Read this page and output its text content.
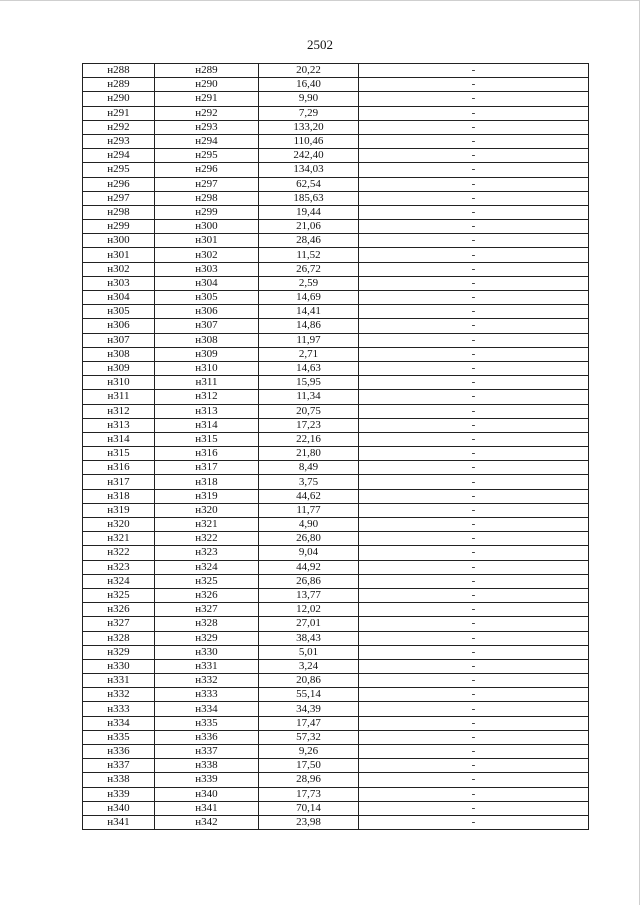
2502
н288	н289	20,22	-
н289	н290	16,40	-
н290	н291	9,90	-
н291	н292	7,29	-
н292	н293	133,20	-
н293	н294	110,46	-
н294	н295	242,40	-
н295	н296	134,03	-
н296	н297	62,54	-
н297	н298	185,63	-
н298	н299	19,44	-
н299	н300	21,06	-
н300	н301	28,46	-
н301	н302	11,52	-
н302	н303	26,72	-
н303	н304	2,59	-
н304	н305	14,69	-
н305	н306	14,41	-
н306	н307	14,86	-
н307	н308	11,97	-
н308	н309	2,71	-
н309	н310	14,63	-
н310	н311	15,95	-
н311	н312	11,34	-
н312	н313	20,75	-
н313	н314	17,23	-
н314	н315	22,16	-
н315	н316	21,80	-
н316	н317	8,49	-
н317	н318	3,75	-
н318	н319	44,62	-
н319	н320	11,77	-
н320	н321	4,90	-
н321	н322	26,80	-
н322	н323	9,04	-
н323	н324	44,92	-
н324	н325	26,86	-
н325	н326	13,77	-
н326	н327	12,02	-
н327	н328	27,01	-
н328	н329	38,43	-
н329	н330	5,01	-
н330	н331	3,24	-
н331	н332	20,86	-
н332	н333	55,14	-
н333	н334	34,39	-
н334	н335	17,47	-
н335	н336	57,32	-
н336	н337	9,26	-
н337	н338	17,50	-
н338	н339	28,96	-
н339	н340	17,73	-
н340	н341	70,14	-
н341	н342	23,98	-
